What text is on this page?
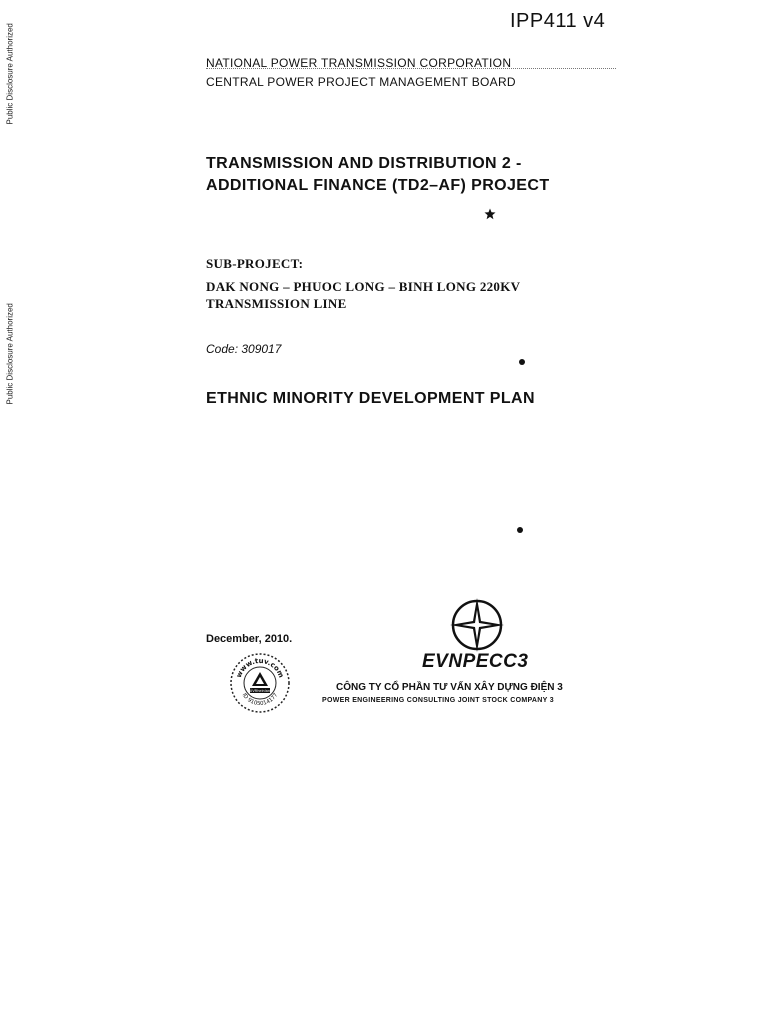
Public Disclosure Authorized
Public Disclosure Authorized
IPP411 v4
NATIONAL POWER TRANSMISSION CORPORATION
CENTRAL POWER PROJECT MANAGEMENT BOARD
TRANSMISSION AND DISTRIBUTION 2 -
ADDITIONAL FINANCE (TD2–AF) PROJECT
SUB-PROJECT:
DAK NONG – PHUOC LONG – BINH LONG 220KV
TRANSMISSION LINE
Code: 309017
ETHNIC MINORITY DEVELOPMENT PLAN
December, 2010.
www.tuv.com
ID 9105014177
TÜVRheinland
EVNPECC3
CÔNG TY CỔ PHẦN TƯ VẤN XÂY DỰNG ĐIỆN 3
POWER ENGINEERING CONSULTING JOINT STOCK COMPANY 3
